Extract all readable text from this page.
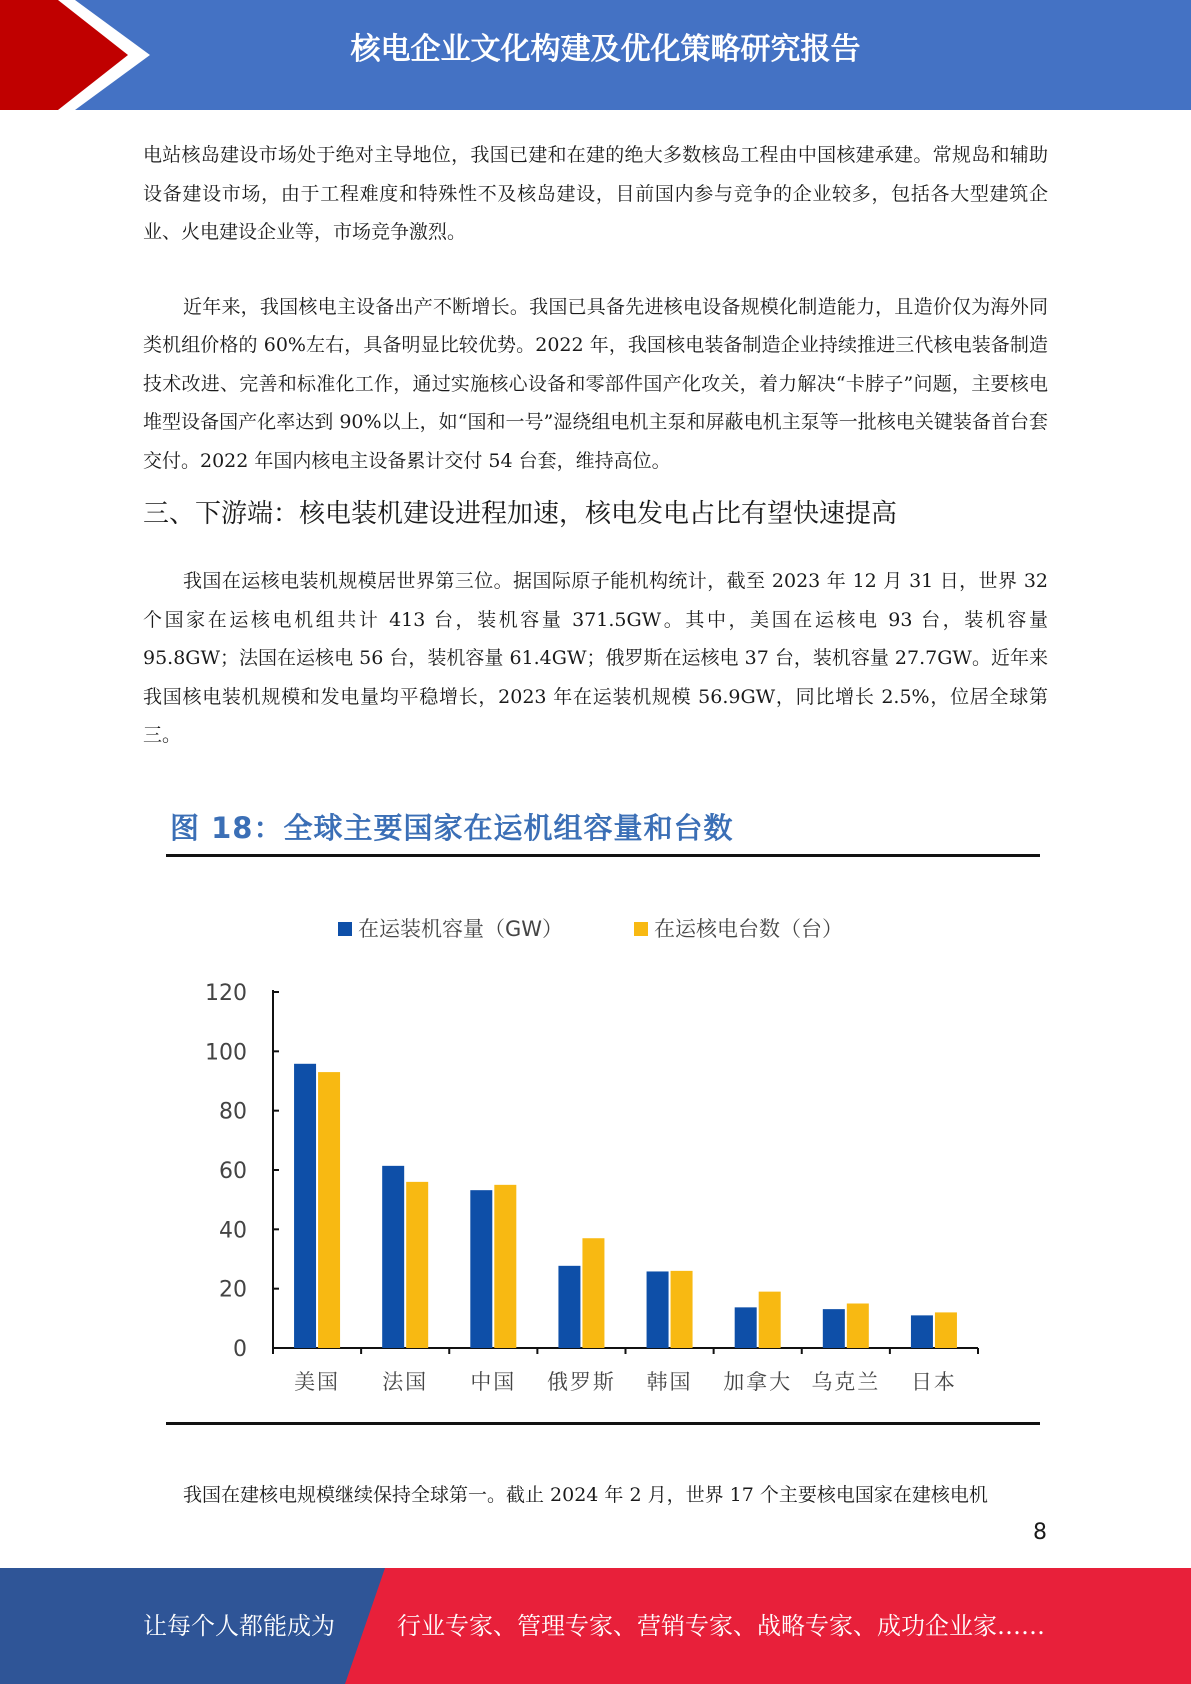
核电企业文化构建及优化策略研究报告

电站核岛建设市场处于绝对主导地位，我国已建和在建的绝大多数核岛工程由中国核建承建。常规岛和辅助设备建设市场，由于工程难度和特殊性不及核岛建设，目前国内参与竞争的企业较多，包括各大型建筑企业、火电建设企业等，市场竞争激烈。

近年来，我国核电主设备出产不断增长。我国已具备先进核电设备规模化制造能力，且造价仅为海外同类机组价格的 60%左右，具备明显比较优势。2022 年，我国核电装备制造企业持续推进三代核电装备制造技术改进、完善和标准化工作，通过实施核心设备和零部件国产化攻关，着力解决“卡脖子”问题，主要核电堆型设备国产化率达到 90%以上，如“国和一号”湿绕组电机主泵和屏蔽电机主泵等一批核电关键装备首台套交付。2022 年国内核电主设备累计交付 54 台套，维持高位。

三、下游端：核电装机建设进程加速，核电发电占比有望快速提高

我国在运核电装机规模居世界第三位。据国际原子能机构统计，截至 2023 年 12 月 31 日，世界 32 个国家在运核电机组共计 413 台，装机容量 371.5GW。其中，美国在运核电 93 台，装机容量 95.8GW；法国在运核电 56 台，装机容量 61.4GW；俄罗斯在运核电 37 台，装机容量 27.7GW。近年来我国核电装机规模和发电量均平稳增长，2023 年在运装机规模 56.9GW，同比增长 2.5%，位居全球第三。

图 18：全球主要国家在运机组容量和台数
在运装机容量（GW）	在运核电台数（台）
0
20
40
60
80
100
120
美国 法国 中国 俄罗斯 韩国 加拿大 乌克兰 日本

我国在建核电规模继续保持全球第一。截止 2024 年 2 月，世界 17 个主要核电国家在建核电机

8
让每个人都能成为	行业专家、管理专家、营销专家、战略专家、成功企业家……
